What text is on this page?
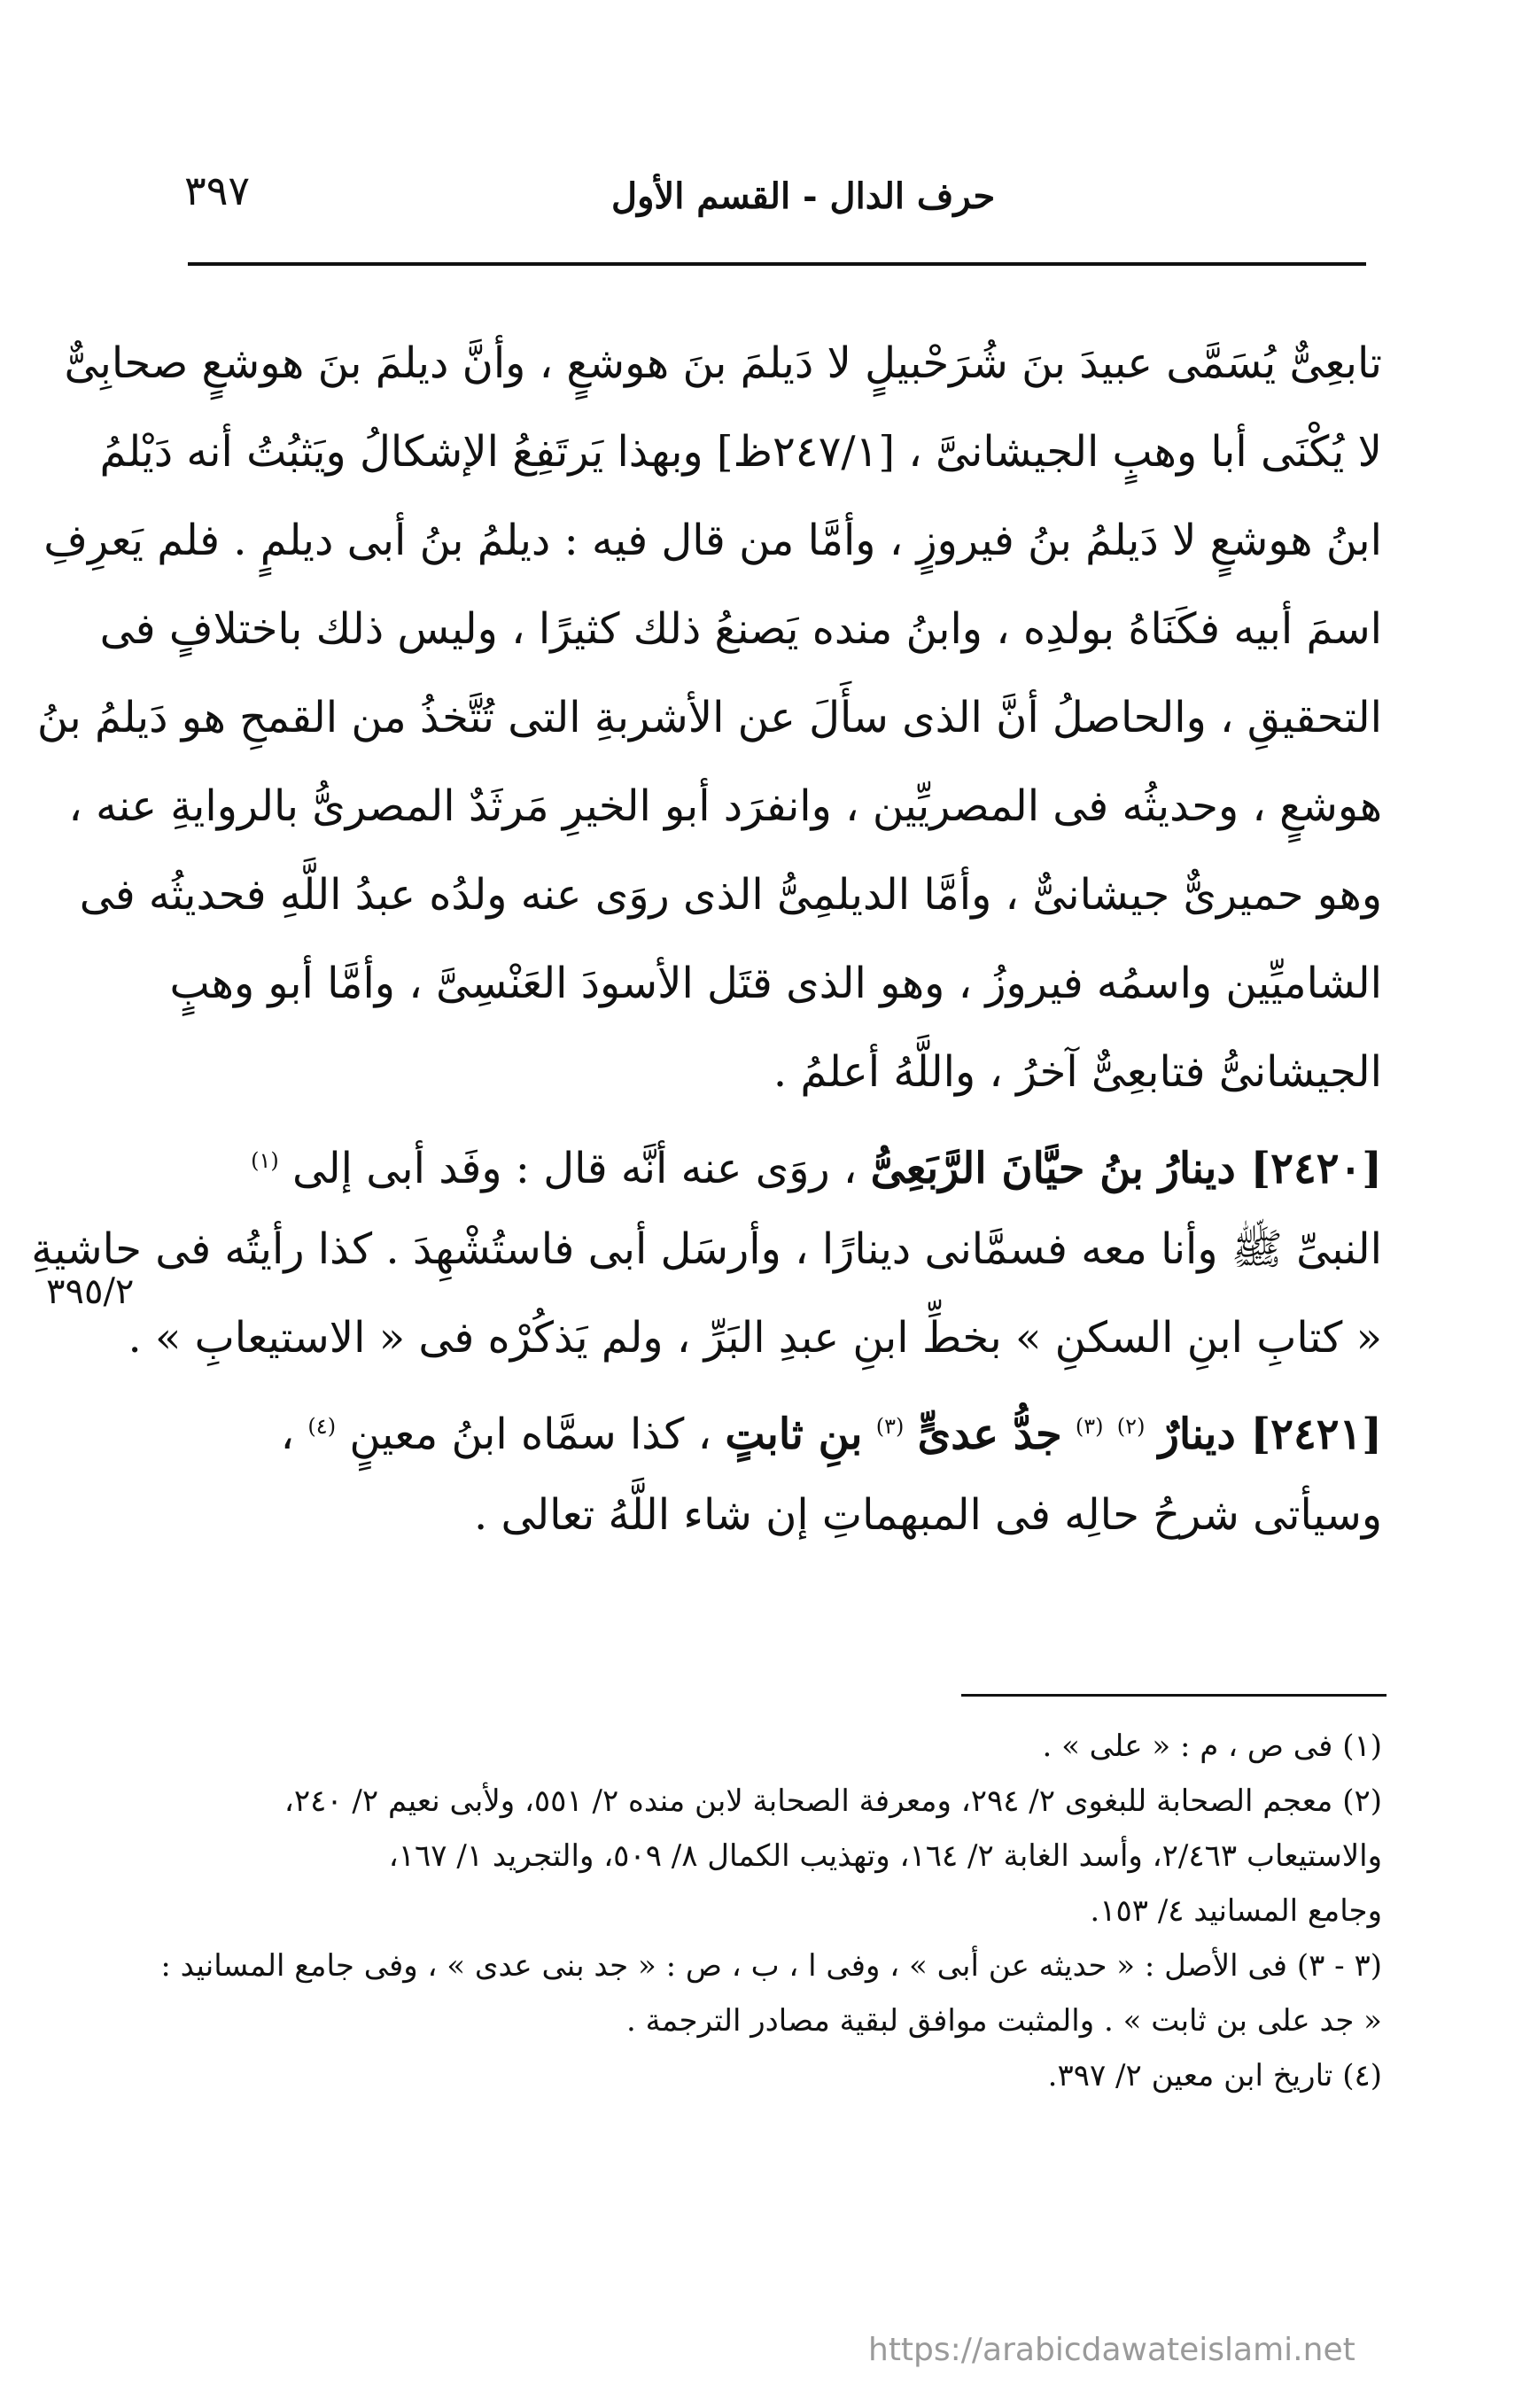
٣٩٧	حرف الدال - القسم الأول
تابعِىٌّ يُسَمَّى عبيدَ بنَ شُرَحْبيلٍ لا دَيلمَ بنَ هوشعٍ ، وأنَّ ديلمَ بنَ هوشعٍ صحابِىٌّ
لا يُكْنَى أبا وهبٍ الجيشانىَّ ، [٢٤٧/١ظ] وبهذا يَرتَفِعُ الإشكالُ ويَثبُتُ أنه دَيْلمُ
ابنُ هوشعٍ لا دَيلمُ بنُ فيروزٍ ، وأمَّا من قال فيه : ديلمُ بنُ أبى ديلمٍ . فلم يَعرِفِ
اسمَ أبيه فكَنَاهُ بولدِه ، وابنُ منده يَصنعُ ذلك كثيرًا ، وليس ذلك باختلافٍ فى
التحقيقِ ، والحاصلُ أنَّ الذى سأَلَ عن الأشربةِ التى تُتَّخذُ من القمحِ هو دَيلمُ بنُ
هوشعٍ ، وحديثُه فى المصريِّين ، وانفرَد أبو الخيرِ مَرثَدٌ المصرىُّ بالروايةِ عنه ،
وهو حميرىٌّ جيشانىٌّ ، وأمَّا الديلمِىُّ الذى روَى عنه ولدُه عبدُ اللَّهِ فحديثُه فى
الشاميِّين واسمُه فيروزُ ، وهو الذى قتَل الأسودَ العَنْسِىَّ ، وأمَّا أبو وهبٍ
الجيشانىُّ فتابعِىٌّ آخرُ ، واللَّهُ أعلمُ .
[٢٤٢٠] دينارُ بنُ حيَّانَ الرَّبَعِىُّ ، روَى عنه أنَّه قال : وفَد أبى إلى $^{(١)}$
النبىِّ ﷺ وأنا معه فسمَّانى دينارًا ، وأرسَل أبى فاستُشْهِدَ . كذا رأيتُه فى حاشيةِ
« كتابِ ابنِ السكنِ » بخطِّ ابنِ عبدِ البَرِّ ، ولم يَذكُرْه فى « الاستيعابِ » .
[٢٤٢١] دينارٌ $^{(٢)}$ $^{(٣)}$ جدُّ عدىٍّ $^{(٣)}$ بنِ ثابتٍ ، كذا سمَّاه ابنُ معينٍ $^{(٤)}$ ،
وسيأتى شرحُ حالِه فى المبهماتِ إن شاء اللَّهُ تعالى .
٣٩٥/٢
(١) فى ص ، م : « على » .
(٢) معجم الصحابة للبغوى ٢/ ٢٩٤، ومعرفة الصحابة لابن منده ٢/ ٥٥١، ولأبى نعيم ٢/ ٢٤٠،
والاستيعاب ٢/٤٦٣، وأسد الغابة ٢/ ١٦٤، وتهذيب الكمال ٨/ ٥٠٩، والتجريد ١/ ١٦٧،
وجامع المسانيد ٤/ ١٥٣.
(٣ - ٣) فى الأصل : « حديثه عن أبى » ، وفى ا ، ب ، ص : « جد بنى عدى » ، وفى جامع المسانيد :
« جد على بن ثابت » . والمثبت موافق لبقية مصادر الترجمة .
(٤) تاريخ ابن معين ٢/ ٣٩٧.
https://arabicdawateislami.net
